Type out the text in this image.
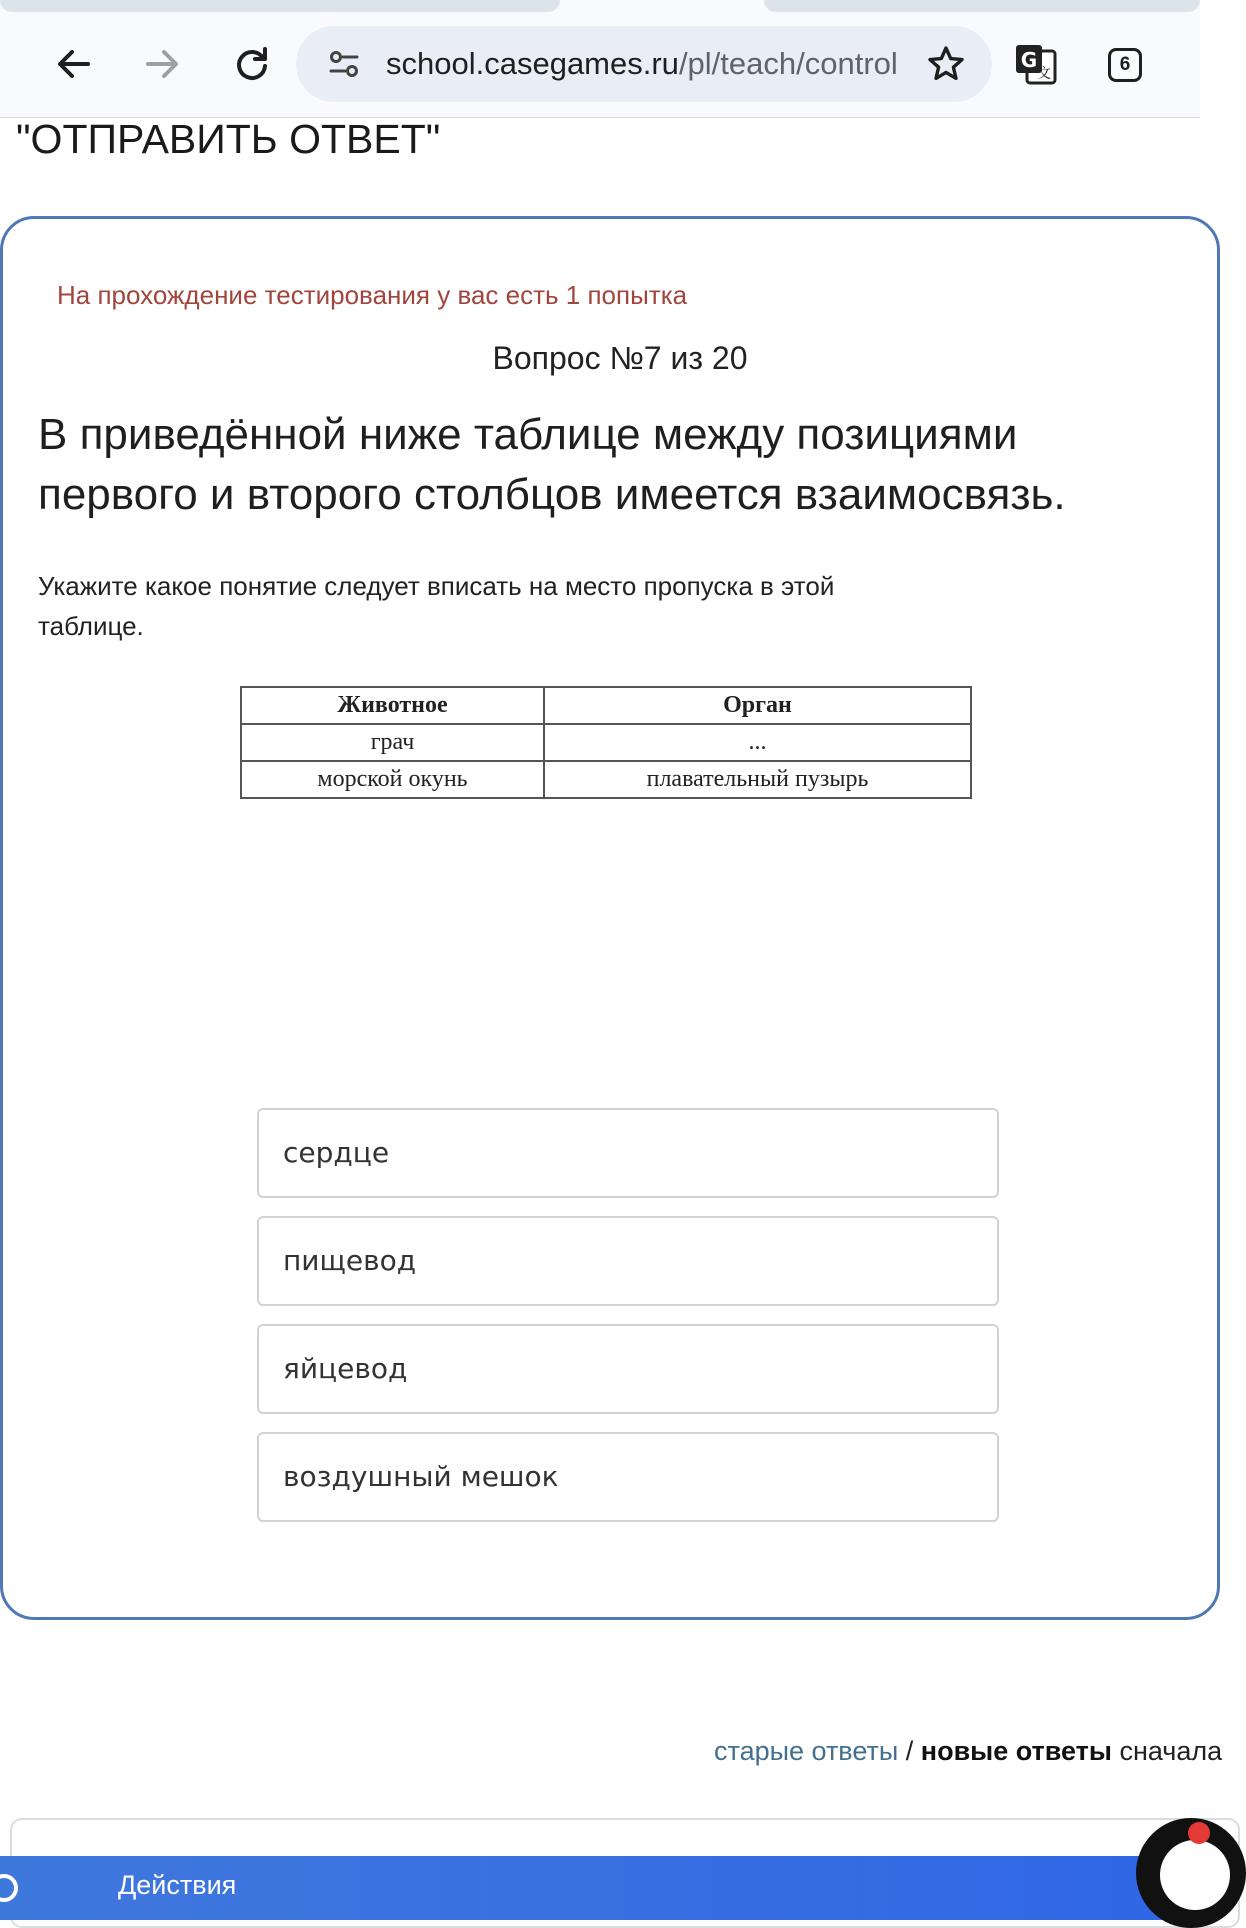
school.casegames.ru/pl/teach/control	G
文	6
"ОТПРАВИТЬ ОТВЕТ"
На прохождение тестирования у вас есть 1 попытка
Вопрос №7 из 20
В приведённой ниже таблице между позициями первого и второго столбцов имеется взаимосвязь.
Укажите какое понятие следует вписать на место пропуска в этой таблице.
Животное	Орган
грач	...
морской окунь	плавательный пузырь
сердце
пищевод
яйцевод
воздушный мешок
старые ответы / новые ответы сначала
Действия
